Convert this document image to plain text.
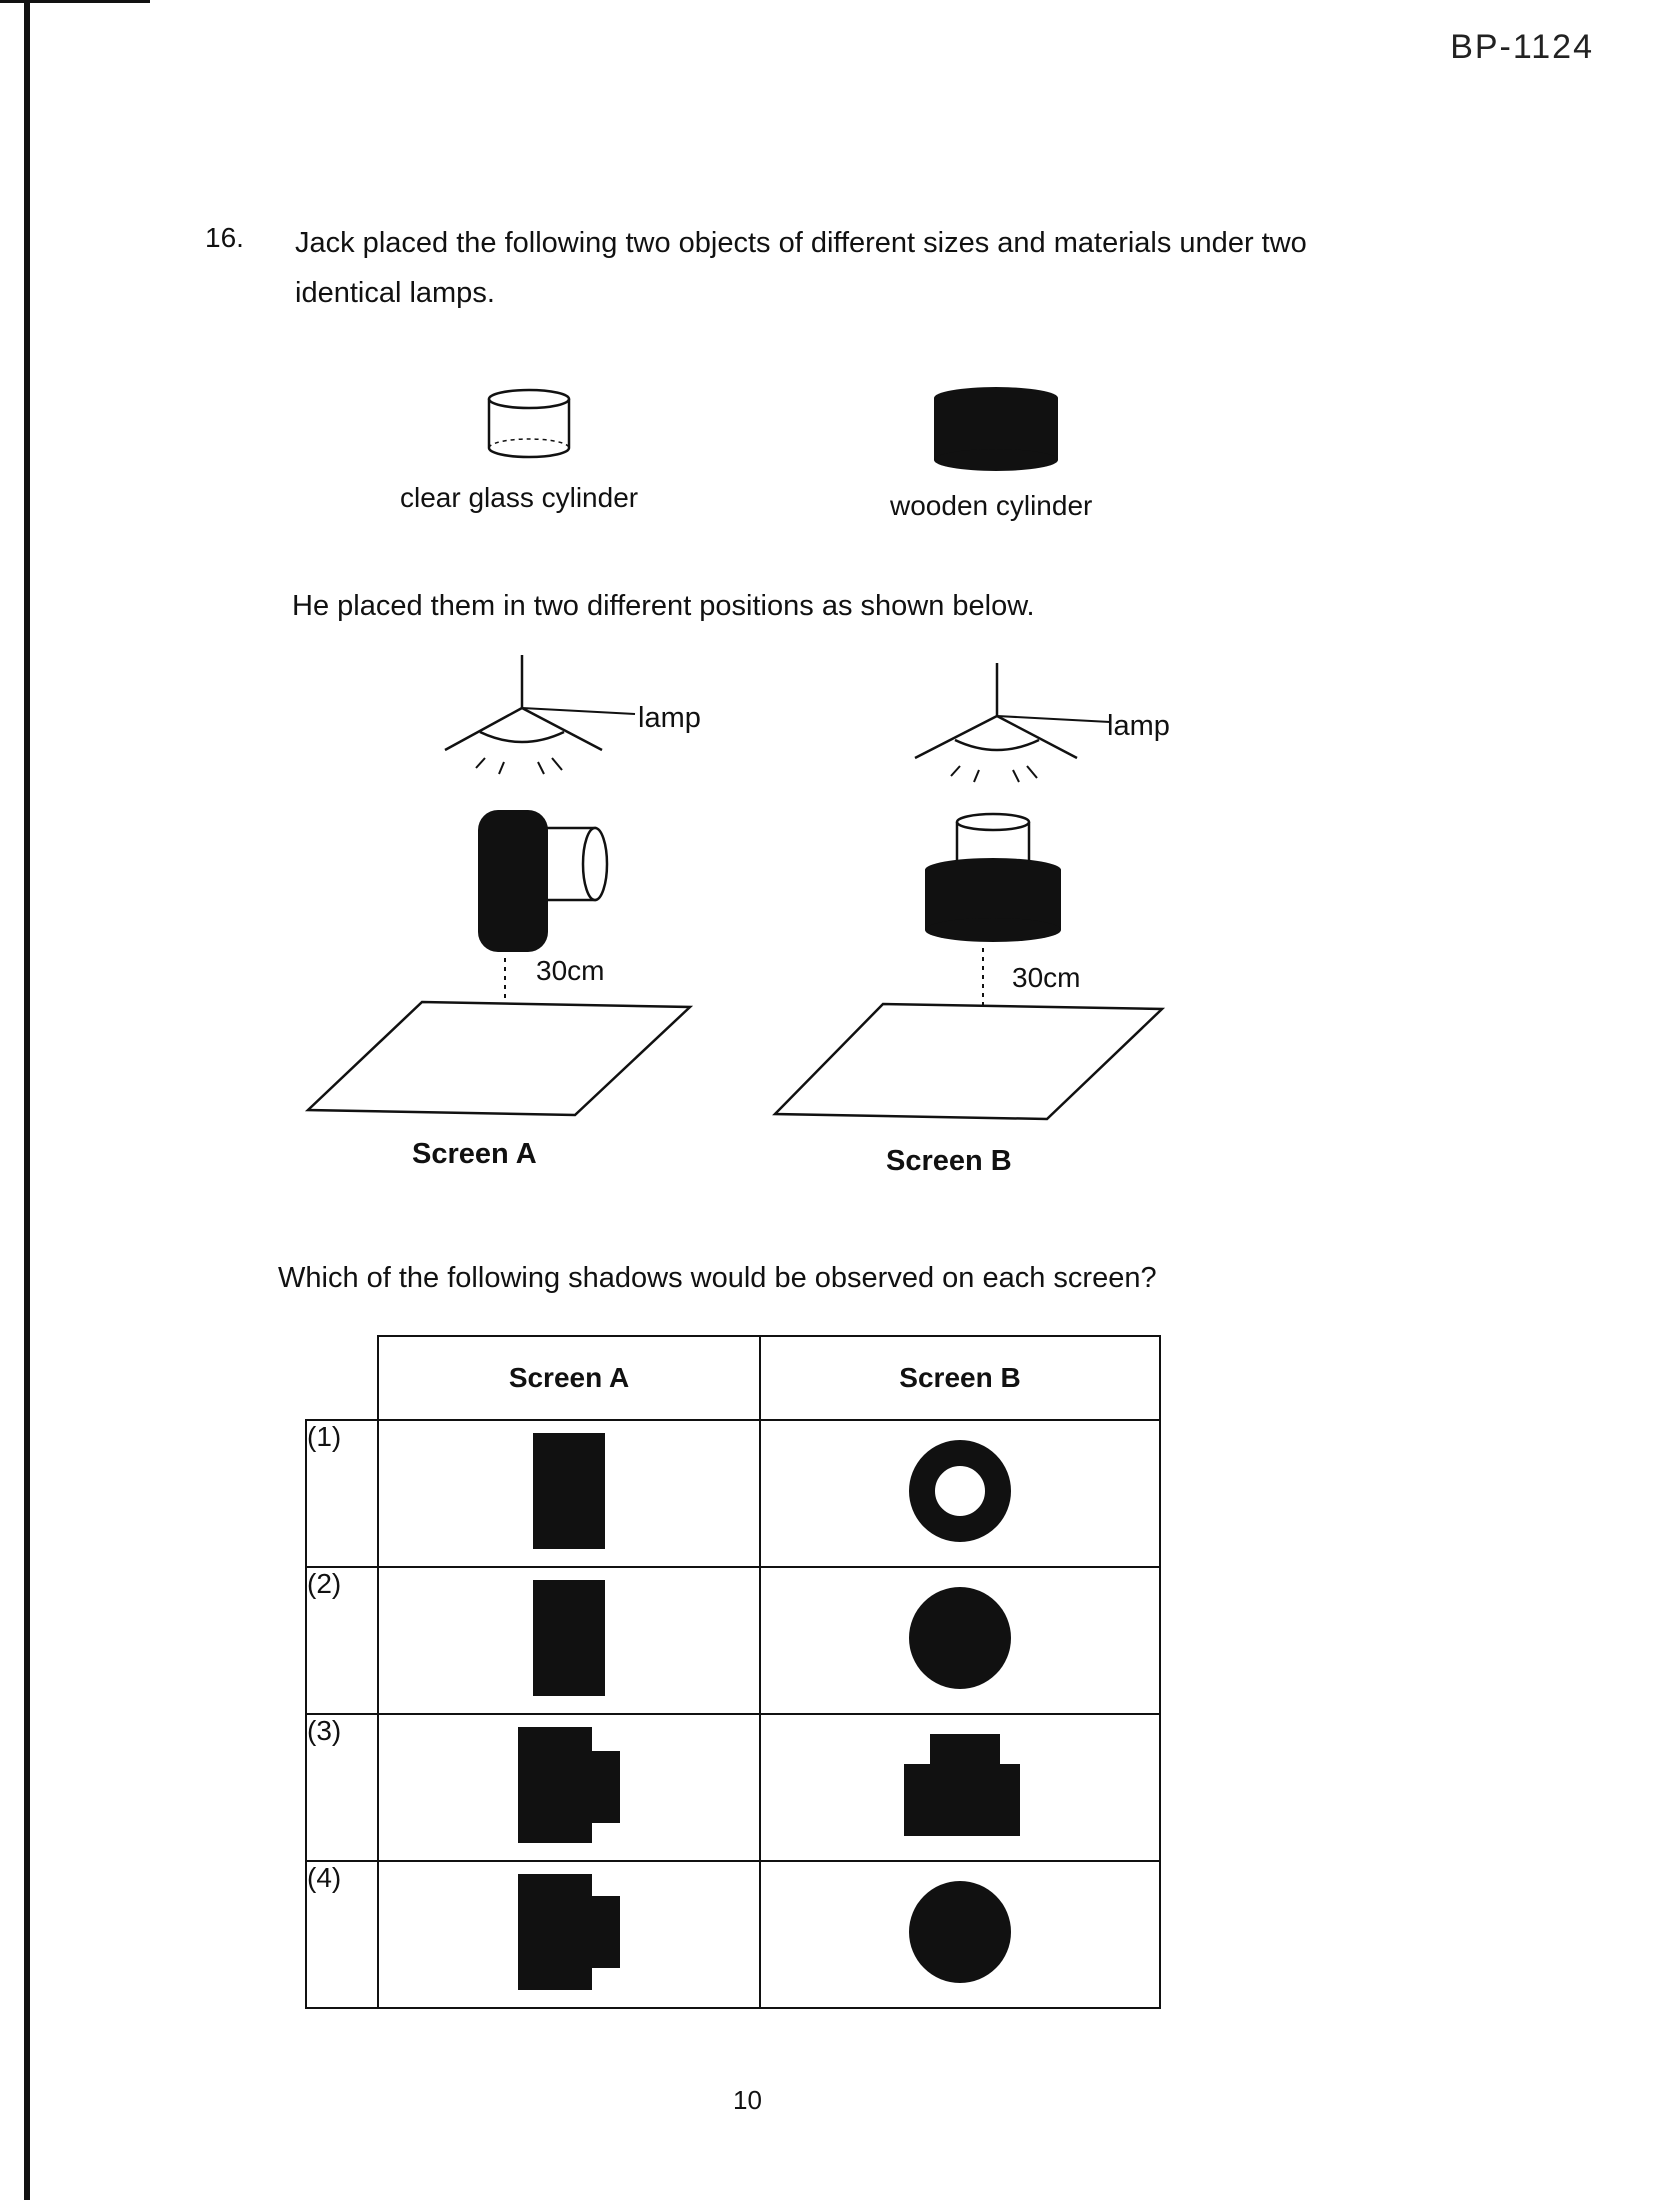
BP-1124
16. Jack placed the following two objects of different sizes and materials under two identical lamps.
clear glass cylinder	wooden cylinder
He placed them in two different positions as shown below.
lamp
30cm
Screen A
lamp
30cm
Screen B
Which of the following shadows would be observed on each screen?
	Screen A	Screen B
(1)		
(2)		
(3)		
(4)		
10
